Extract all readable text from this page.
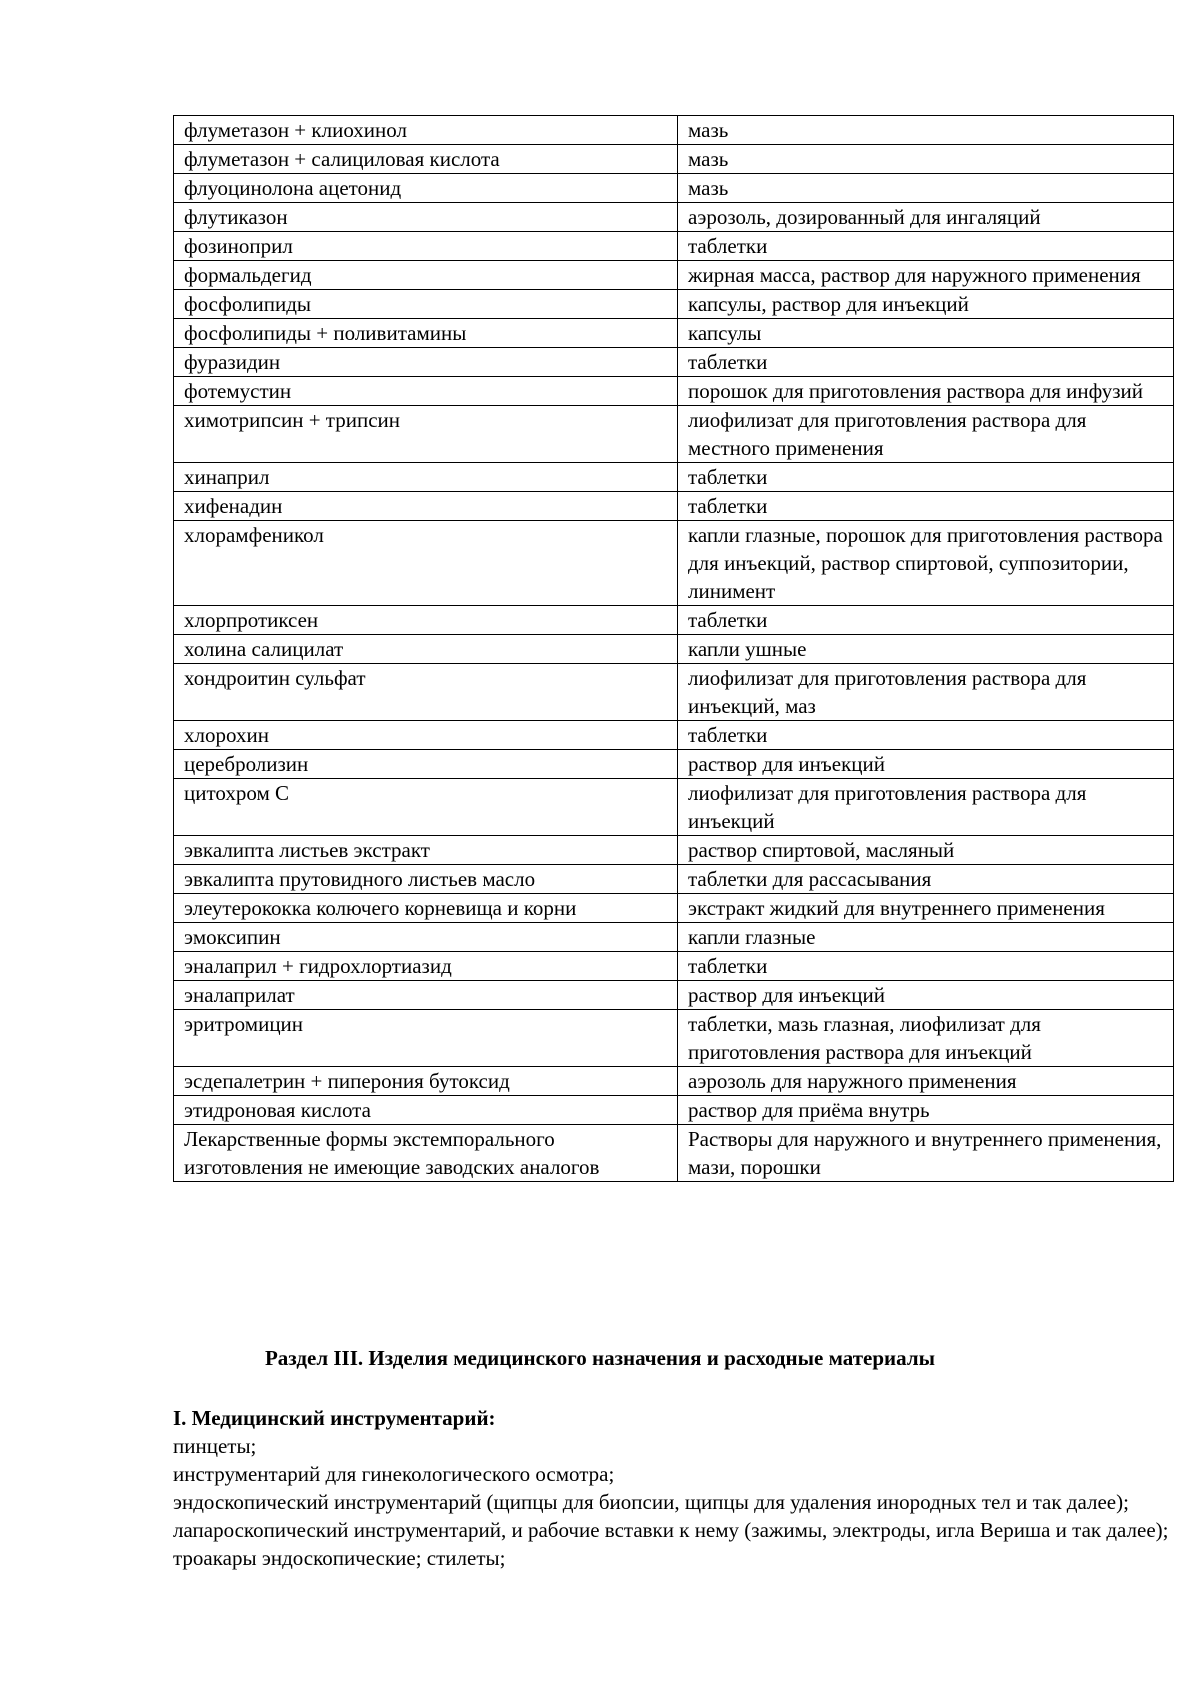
флуметазон + клиохинол	мазь
флуметазон + салициловая кислота	мазь
флуоцинолона ацетонид	мазь
флутиказон	аэрозоль, дозированный для ингаляций
фозиноприл	таблетки
формальдегид	жирная масса, раствор для наружного применения
фосфолипиды	капсулы, раствор для инъекций
фосфолипиды + поливитамины	капсулы
фуразидин	таблетки
фотемустин	порошок для приготовления раствора для инфузий
химотрипсин + трипсин	лиофилизат для приготовления раствора для местного применения
хинаприл	таблетки
хифенадин	таблетки
хлорамфеникол	капли глазные, порошок для приготовления раствора для инъекций, раствор спиртовой, суппозитории, линимент
хлорпротиксен	таблетки
холина салицилат	капли ушные
хондроитин сульфат	лиофилизат для приготовления раствора для инъекций, маз
хлорохин	таблетки
церебролизин	раствор для инъекций
цитохром С	лиофилизат для приготовления раствора для инъекций
эвкалипта листьев экстракт	раствор спиртовой, масляный
эвкалипта прутовидного листьев масло	таблетки для рассасывания
элеутерококка колючего корневища и корни	экстракт жидкий для внутреннего применения
эмоксипин	капли глазные
эналаприл + гидрохлортиазид	таблетки
эналаприлат	раствор для инъекций
эритромицин	таблетки, мазь глазная, лиофилизат для приготовления раствора для инъекций
эсдепалетрин + пиперония бутоксид	аэрозоль для наружного применения
этидроновая кислота	раствор для приёма внутрь
Лекарственные формы экстемпорального изготовления не имеющие заводских аналогов	Растворы для наружного и внутреннего применения, мази, порошки
Раздел III. Изделия медицинского назначения и расходные материалы

I. Медицинский инструментарий:

пинцеты;

инструментарий для гинекологического осмотра;

эндоскопический инструментарий (щипцы для биопсии, щипцы для удаления инородных тел и так далее); лапароскопический инструментарий, и рабочие вставки к нему (зажимы, электроды, игла Вериша и так далее); троакары эндоскопические; стилеты;
